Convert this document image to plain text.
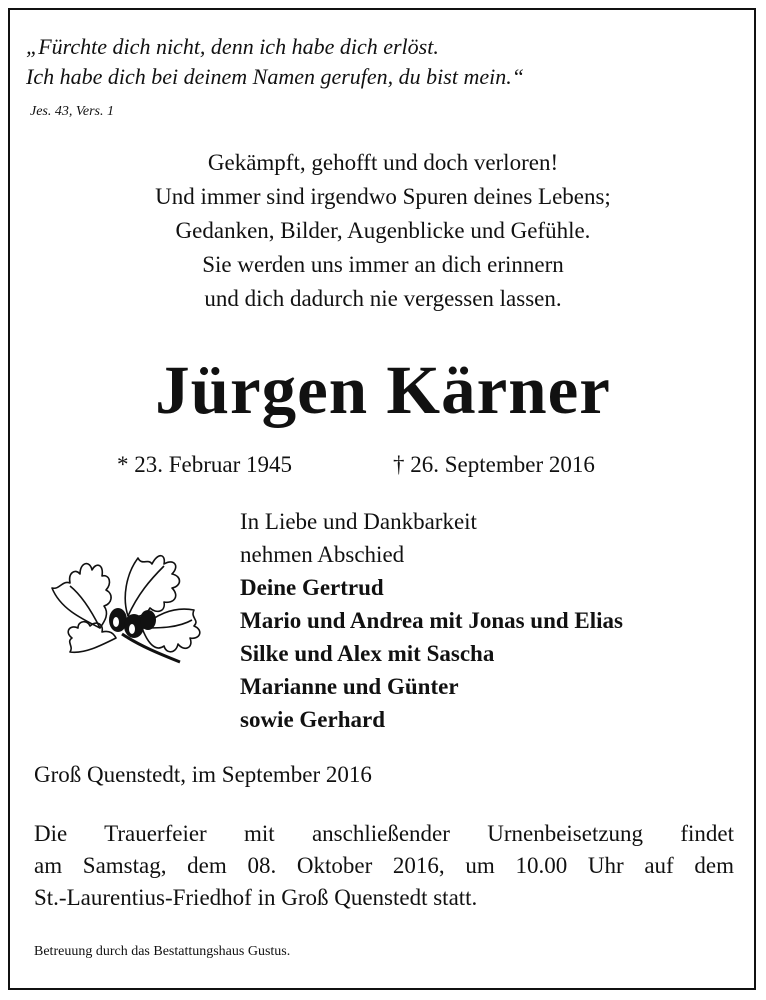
„Fürchte dich nicht, denn ich habe dich erlöst.
Ich habe dich bei deinem Namen gerufen, du bist mein.“
Jes. 43, Vers. 1
Gekämpft, gehofft und doch verloren!
Und immer sind irgendwo Spuren deines Lebens;
Gedanken, Bilder, Augenblicke und Gefühle.
Sie werden uns immer an dich erinnern
und dich dadurch nie vergessen lassen.
Jürgen Kärner
* 23. Februar 1945	† 26. September 2016
In Liebe und Dankbarkeit
nehmen Abschied
Deine Gertrud
Mario und Andrea mit Jonas und Elias
Silke und Alex mit Sascha
Marianne und Günter
sowie Gerhard
Groß Quenstedt, im September 2016
Die Trauerfeier mit anschließender Urnenbeisetzung findet
am Samstag, dem 08. Oktober 2016, um 10.00 Uhr auf dem
St.-Laurentius-Friedhof in Groß Quenstedt statt.
Betreuung durch das Bestattungshaus Gustus.
